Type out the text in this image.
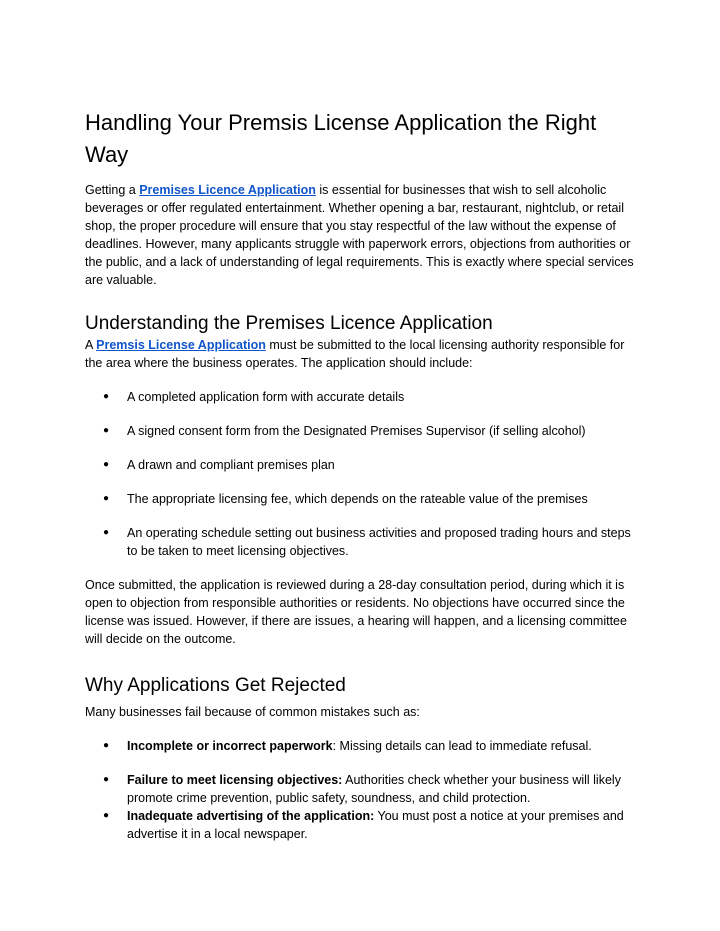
Handling Your Premsis License Application the Right Way

Getting a Premises Licence Application is essential for businesses that wish to sell alcoholic beverages or offer regulated entertainment. Whether opening a bar, restaurant, nightclub, or retail shop, the proper procedure will ensure that you stay respectful of the law without the expense of deadlines. However, many applicants struggle with paperwork errors, objections from authorities or the public, and a lack of understanding of legal requirements. This is exactly where special services are valuable.

Understanding the Premises Licence Application

A Premsis License Application must be submitted to the local licensing authority responsible for the area where the business operates. The application should include:

●	A completed application form with accurate details
●	A signed consent form from the Designated Premises Supervisor (if selling alcohol)
●	A drawn and compliant premises plan
●	The appropriate licensing fee, which depends on the rateable value of the premises
●	An operating schedule setting out business activities and proposed trading hours and steps to be taken to meet licensing objectives.

Once submitted, the application is reviewed during a 28-day consultation period, during which it is open to objection from responsible authorities or residents. No objections have occurred since the license was issued. However, if there are issues, a hearing will happen, and a licensing committee will decide on the outcome.

Why Applications Get Rejected

Many businesses fail because of common mistakes such as:

●	Incomplete or incorrect paperwork: Missing details can lead to immediate refusal.
●	Failure to meet licensing objectives: Authorities check whether your business will likely promote crime prevention, public safety, soundness, and child protection.
●	Inadequate advertising of the application: You must post a notice at your premises and advertise it in a local newspaper.
